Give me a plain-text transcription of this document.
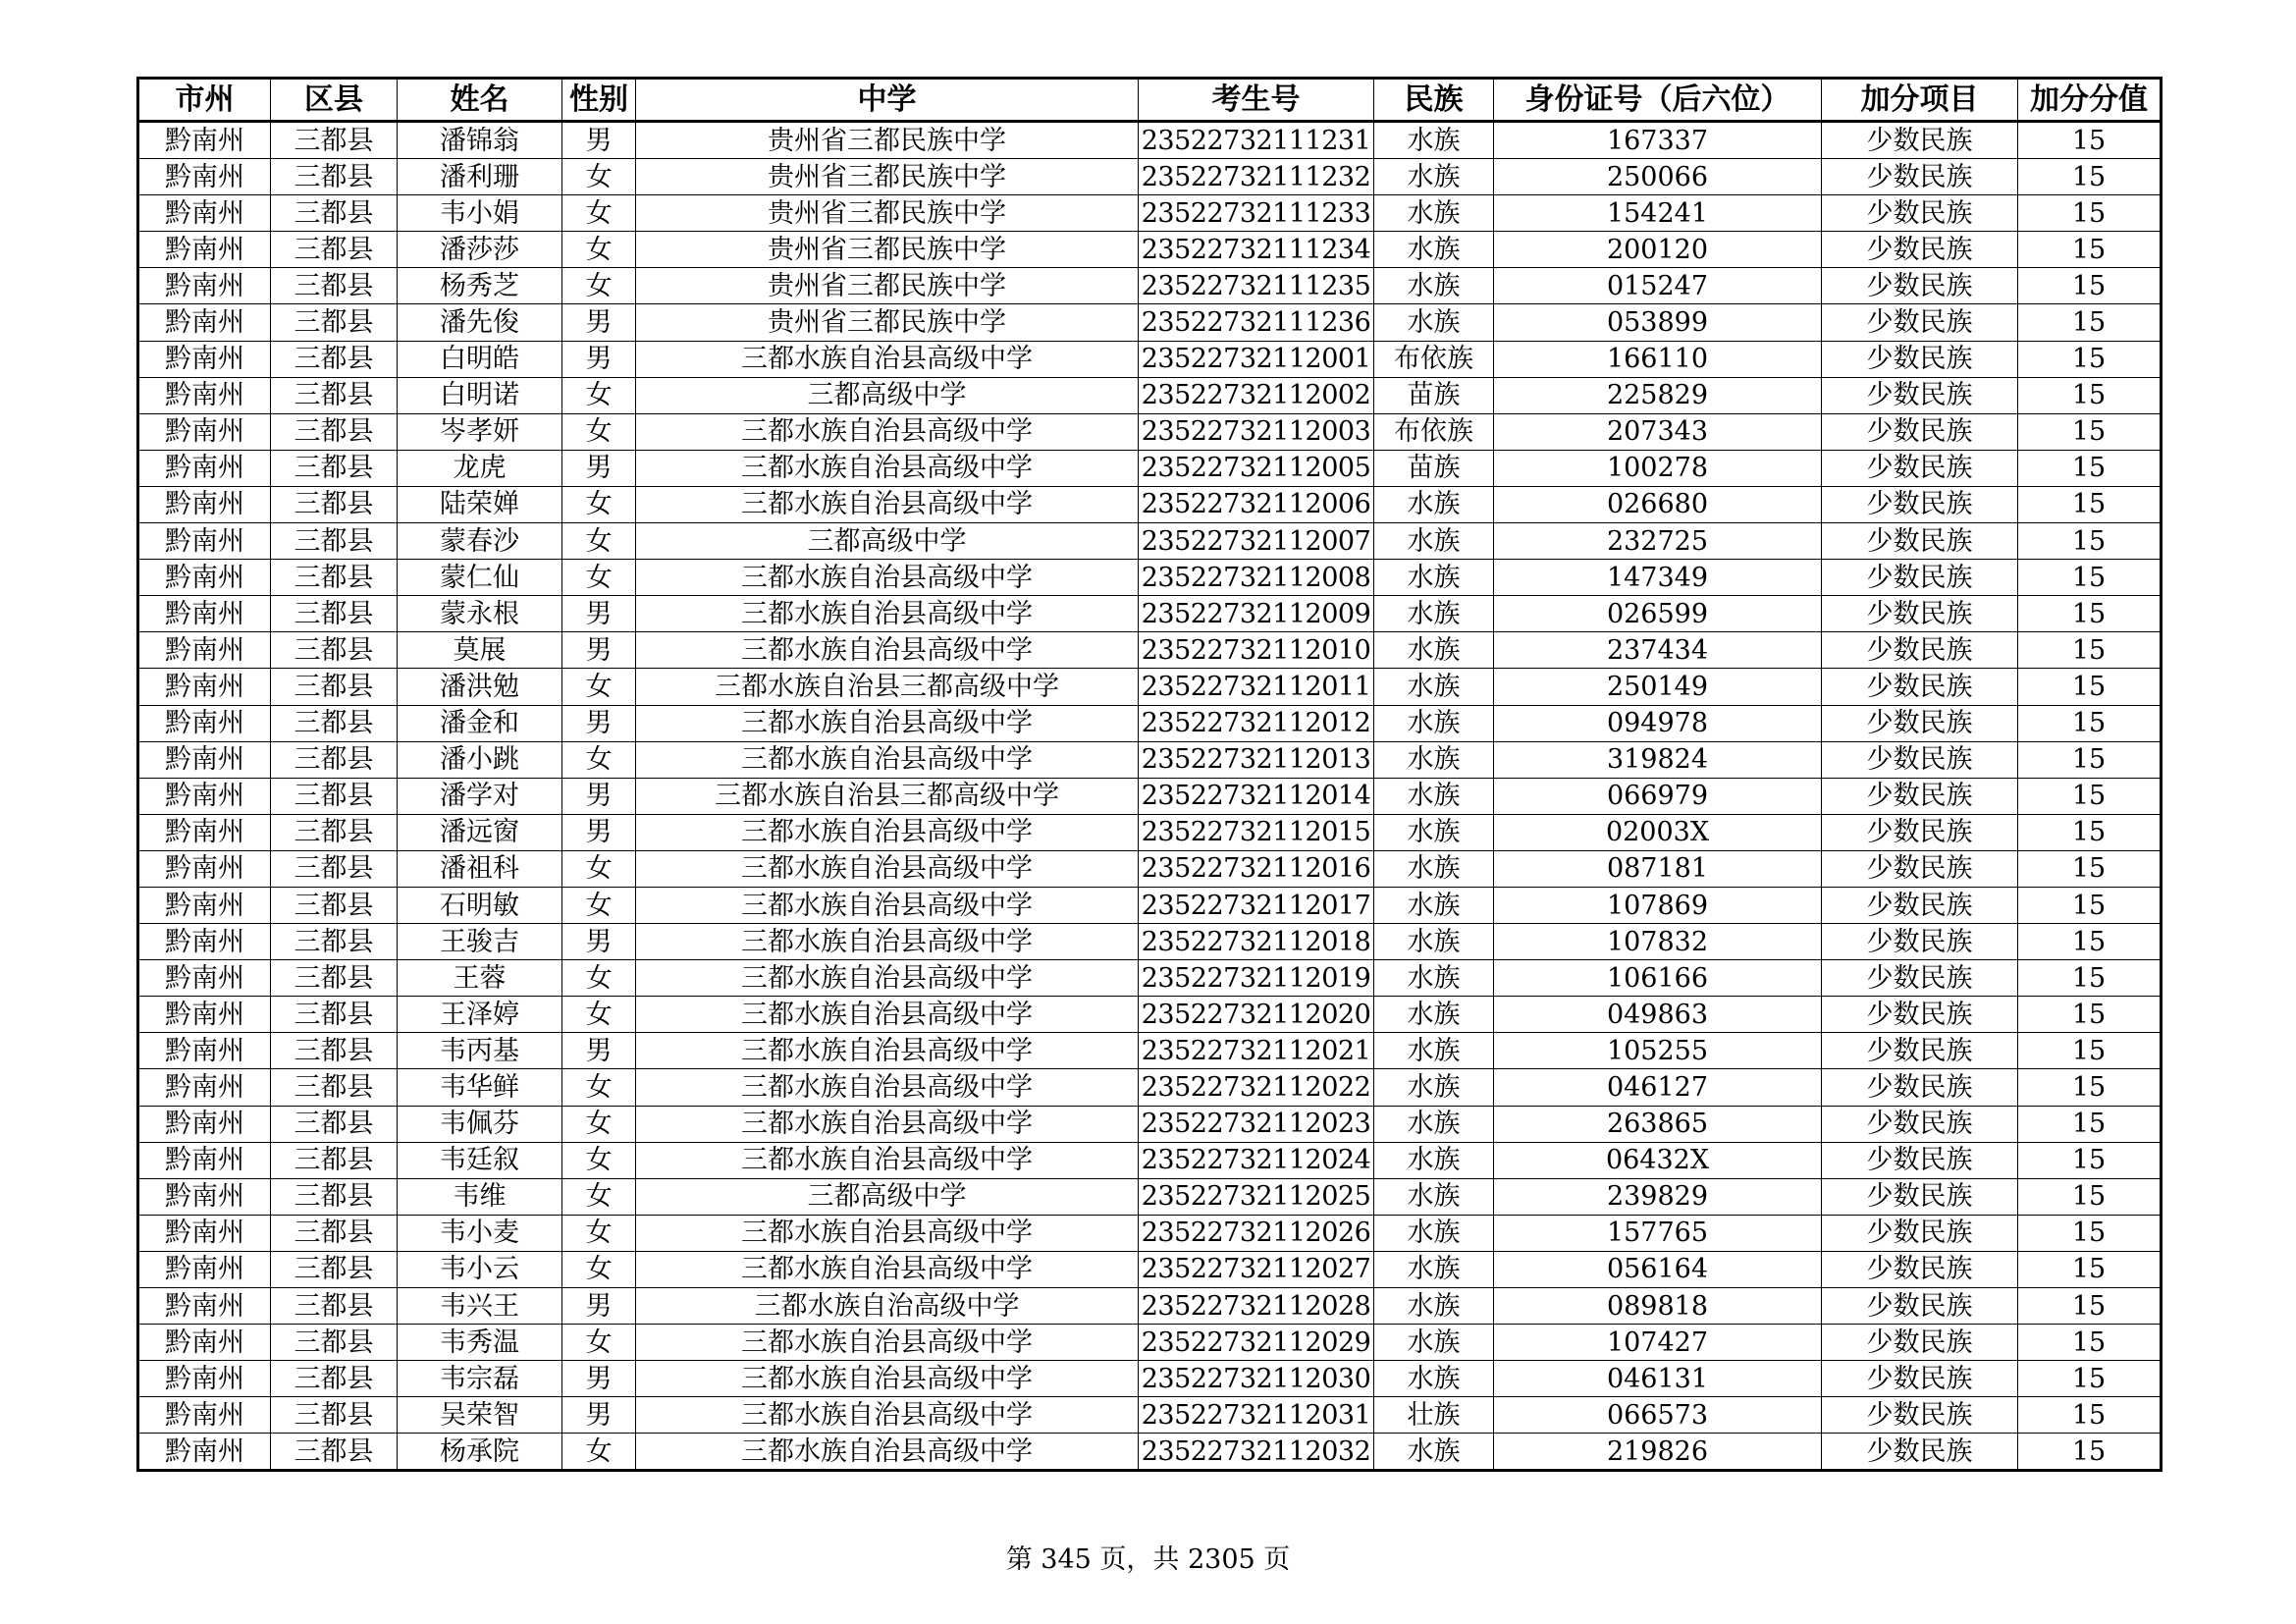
市州	区县	姓名	性别	中学	考生号	民族	身份证号（后六位）	加分项目	加分分值
黔南州	三都县	潘锦翁	男	贵州省三都民族中学	23522732111231	水族	167337	少数民族	15
黔南州	三都县	潘利珊	女	贵州省三都民族中学	23522732111232	水族	250066	少数民族	15
黔南州	三都县	韦小娟	女	贵州省三都民族中学	23522732111233	水族	154241	少数民族	15
黔南州	三都县	潘莎莎	女	贵州省三都民族中学	23522732111234	水族	200120	少数民族	15
黔南州	三都县	杨秀芝	女	贵州省三都民族中学	23522732111235	水族	015247	少数民族	15
黔南州	三都县	潘先俊	男	贵州省三都民族中学	23522732111236	水族	053899	少数民族	15
黔南州	三都县	白明皓	男	三都水族自治县高级中学	23522732112001	布依族	166110	少数民族	15
黔南州	三都县	白明诺	女	三都高级中学	23522732112002	苗族	225829	少数民族	15
黔南州	三都县	岑孝妍	女	三都水族自治县高级中学	23522732112003	布依族	207343	少数民族	15
黔南州	三都县	龙虎	男	三都水族自治县高级中学	23522732112005	苗族	100278	少数民族	15
黔南州	三都县	陆荣婵	女	三都水族自治县高级中学	23522732112006	水族	026680	少数民族	15
黔南州	三都县	蒙春沙	女	三都高级中学	23522732112007	水族	232725	少数民族	15
黔南州	三都县	蒙仁仙	女	三都水族自治县高级中学	23522732112008	水族	147349	少数民族	15
黔南州	三都县	蒙永根	男	三都水族自治县高级中学	23522732112009	水族	026599	少数民族	15
黔南州	三都县	莫展	男	三都水族自治县高级中学	23522732112010	水族	237434	少数民族	15
黔南州	三都县	潘洪勉	女	三都水族自治县三都高级中学	23522732112011	水族	250149	少数民族	15
黔南州	三都县	潘金和	男	三都水族自治县高级中学	23522732112012	水族	094978	少数民族	15
黔南州	三都县	潘小跳	女	三都水族自治县高级中学	23522732112013	水族	319824	少数民族	15
黔南州	三都县	潘学对	男	三都水族自治县三都高级中学	23522732112014	水族	066979	少数民族	15
黔南州	三都县	潘远窗	男	三都水族自治县高级中学	23522732112015	水族	02003X	少数民族	15
黔南州	三都县	潘祖科	女	三都水族自治县高级中学	23522732112016	水族	087181	少数民族	15
黔南州	三都县	石明敏	女	三都水族自治县高级中学	23522732112017	水族	107869	少数民族	15
黔南州	三都县	王骏吉	男	三都水族自治县高级中学	23522732112018	水族	107832	少数民族	15
黔南州	三都县	王蓉	女	三都水族自治县高级中学	23522732112019	水族	106166	少数民族	15
黔南州	三都县	王泽婷	女	三都水族自治县高级中学	23522732112020	水族	049863	少数民族	15
黔南州	三都县	韦丙基	男	三都水族自治县高级中学	23522732112021	水族	105255	少数民族	15
黔南州	三都县	韦华鲜	女	三都水族自治县高级中学	23522732112022	水族	046127	少数民族	15
黔南州	三都县	韦佩芬	女	三都水族自治县高级中学	23522732112023	水族	263865	少数民族	15
黔南州	三都县	韦廷叙	女	三都水族自治县高级中学	23522732112024	水族	06432X	少数民族	15
黔南州	三都县	韦维	女	三都高级中学	23522732112025	水族	239829	少数民族	15
黔南州	三都县	韦小麦	女	三都水族自治县高级中学	23522732112026	水族	157765	少数民族	15
黔南州	三都县	韦小云	女	三都水族自治县高级中学	23522732112027	水族	056164	少数民族	15
黔南州	三都县	韦兴王	男	三都水族自治高级中学	23522732112028	水族	089818	少数民族	15
黔南州	三都县	韦秀温	女	三都水族自治县高级中学	23522732112029	水族	107427	少数民族	15
黔南州	三都县	韦宗磊	男	三都水族自治县高级中学	23522732112030	水族	046131	少数民族	15
黔南州	三都县	吴荣智	男	三都水族自治县高级中学	23522732112031	壮族	066573	少数民族	15
黔南州	三都县	杨承院	女	三都水族自治县高级中学	23522732112032	水族	219826	少数民族	15
第 345 页，共 2305 页
